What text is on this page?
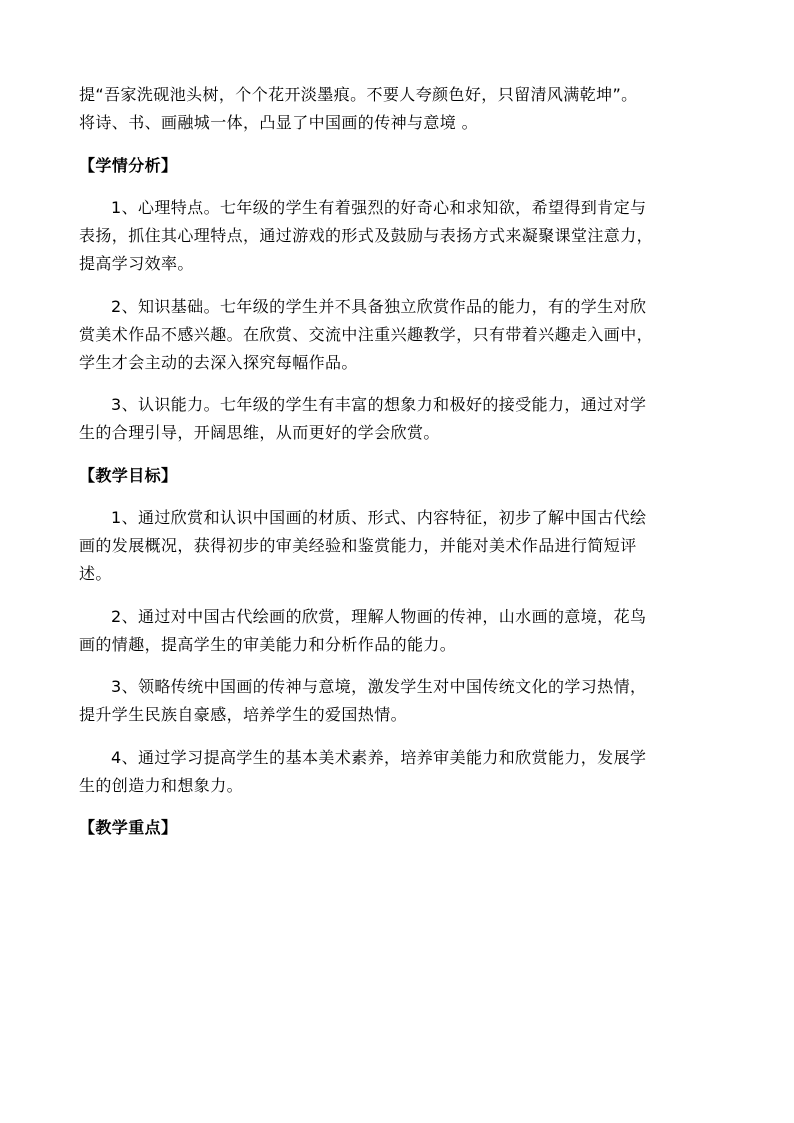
提“吾家洗砚池头树，个个花开淡墨痕。不要人夸颜色好，只留清风满乾坤”。
将诗、书、画融城一体，凸显了中国画的传神与意境 。
【学情分析】
1、心理特点。七年级的学生有着强烈的好奇心和求知欲，希望得到肯定与
表扬，抓住其心理特点，通过游戏的形式及鼓励与表扬方式来凝聚课堂注意力，
提高学习效率。
2、知识基础。七年级的学生并不具备独立欣赏作品的能力，有的学生对欣
赏美术作品不感兴趣。在欣赏、交流中注重兴趣教学，只有带着兴趣走入画中，
学生才会主动的去深入探究每幅作品。
3、认识能力。七年级的学生有丰富的想象力和极好的接受能力，通过对学
生的合理引导，开阔思维，从而更好的学会欣赏。
【教学目标】
1、通过欣赏和认识中国画的材质、形式、内容特征，初步了解中国古代绘
画的发展概况，获得初步的审美经验和鉴赏能力，并能对美术作品进行简短评
述。
2、通过对中国古代绘画的欣赏，理解人物画的传神，山水画的意境，花鸟
画的情趣，提高学生的审美能力和分析作品的能力。
3、领略传统中国画的传神与意境，激发学生对中国传统文化的学习热情，
提升学生民族自豪感，培养学生的爱国热情。
4、通过学习提高学生的基本美术素养，培养审美能力和欣赏能力，发展学
生的创造力和想象力。
【教学重点】
